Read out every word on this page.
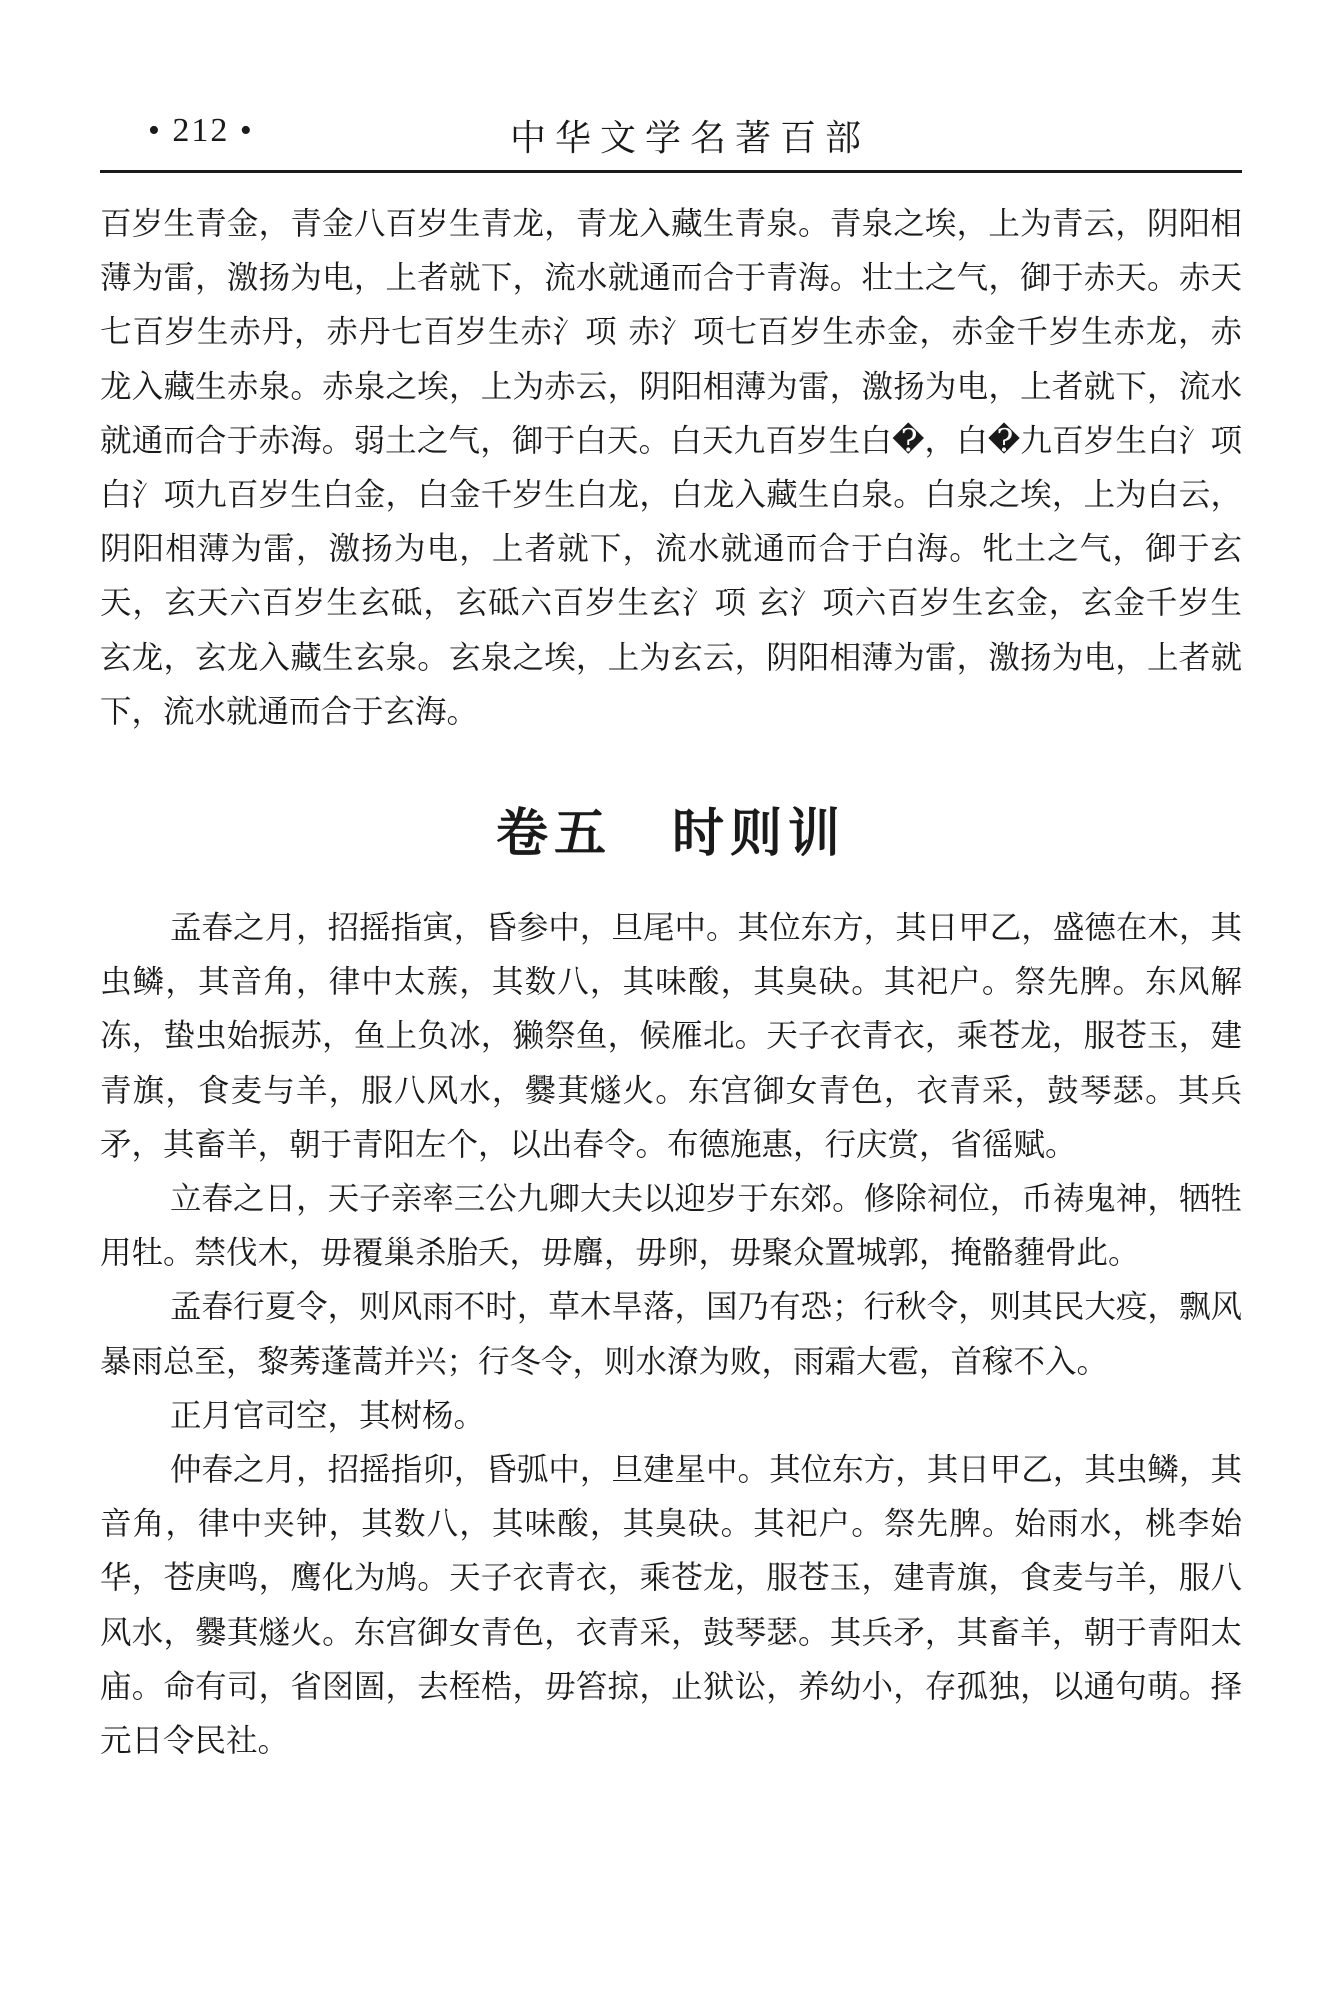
• 212 •	中华文学名著百部
百岁生青金，青金八百岁生青龙，青龙入藏生青泉。青泉之埃，上为青云，阴阳相薄为雷，激扬为电，上者就下，流水就通而合于青海。壮土之气，御于赤天。赤天七百岁生赤丹，赤丹七百岁生赤氵项 赤氵项七百岁生赤金，赤金千岁生赤龙，赤龙入藏生赤泉。赤泉之埃，上为赤云，阴阳相薄为雷，激扬为电，上者就下，流水就通而合于赤海。弱土之气，御于白天。白天九百岁生白�，白�九百岁生白氵项 白氵项九百岁生白金，白金千岁生白龙，白龙入藏生白泉。白泉之埃，上为白云，阴阳相薄为雷，激扬为电，上者就下，流水就通而合于白海。牝土之气，御于玄天，玄天六百岁生玄砥，玄砥六百岁生玄氵项 玄氵项六百岁生玄金，玄金千岁生玄龙，玄龙入藏生玄泉。玄泉之埃，上为玄云，阴阳相薄为雷，激扬为电，上者就下，流水就通而合于玄海。
卷五 时则训

孟春之月，招摇指寅，昏参中，旦尾中。其位东方，其日甲乙，盛德在木，其虫鳞，其音角，律中太蔟，其数八，其味酸，其臭砄。其祀户。祭先脾。东风解冻，蛰虫始振苏，鱼上负冰，獭祭鱼，候雁北。天子衣青衣，乘苍龙，服苍玉，建青旗，食麦与羊，服八风水，爨萁燧火。东宫御女青色，衣青采，鼓琴瑟。其兵矛，其畜羊，朝于青阳左个，以出春令。布德施惠，行庆赏，省徭赋。

立春之日，天子亲率三公九卿大夫以迎岁于东郊。修除祠位，币祷鬼神，牺牲用牡。禁伐木，毋覆巢杀胎夭，毋麛，毋卵，毋聚众置城郭，掩骼薶骨此。

孟春行夏令，则风雨不时，草木旱落，国乃有恐；行秋令，则其民大疫，飘风暴雨总至，黎莠蓬蒿并兴；行冬令，则水潦为败，雨霜大雹，首稼不入。

正月官司空，其树杨。

仲春之月，招摇指卯，昏弧中，旦建星中。其位东方，其日甲乙，其虫鳞，其音角，律中夹钟，其数八，其味酸，其臭砄。其祀户。祭先脾。始雨水，桃李始华，苍庚鸣，鹰化为鸠。天子衣青衣，乘苍龙，服苍玉，建青旗，食麦与羊，服八风水，爨萁燧火。东宫御女青色，衣青采，鼓琴瑟。其兵矛，其畜羊，朝于青阳太庙。命有司，省囹圄，去桎梏，毋笞掠，止狱讼，养幼小，存孤独，以通句萌。择元日令民社。
